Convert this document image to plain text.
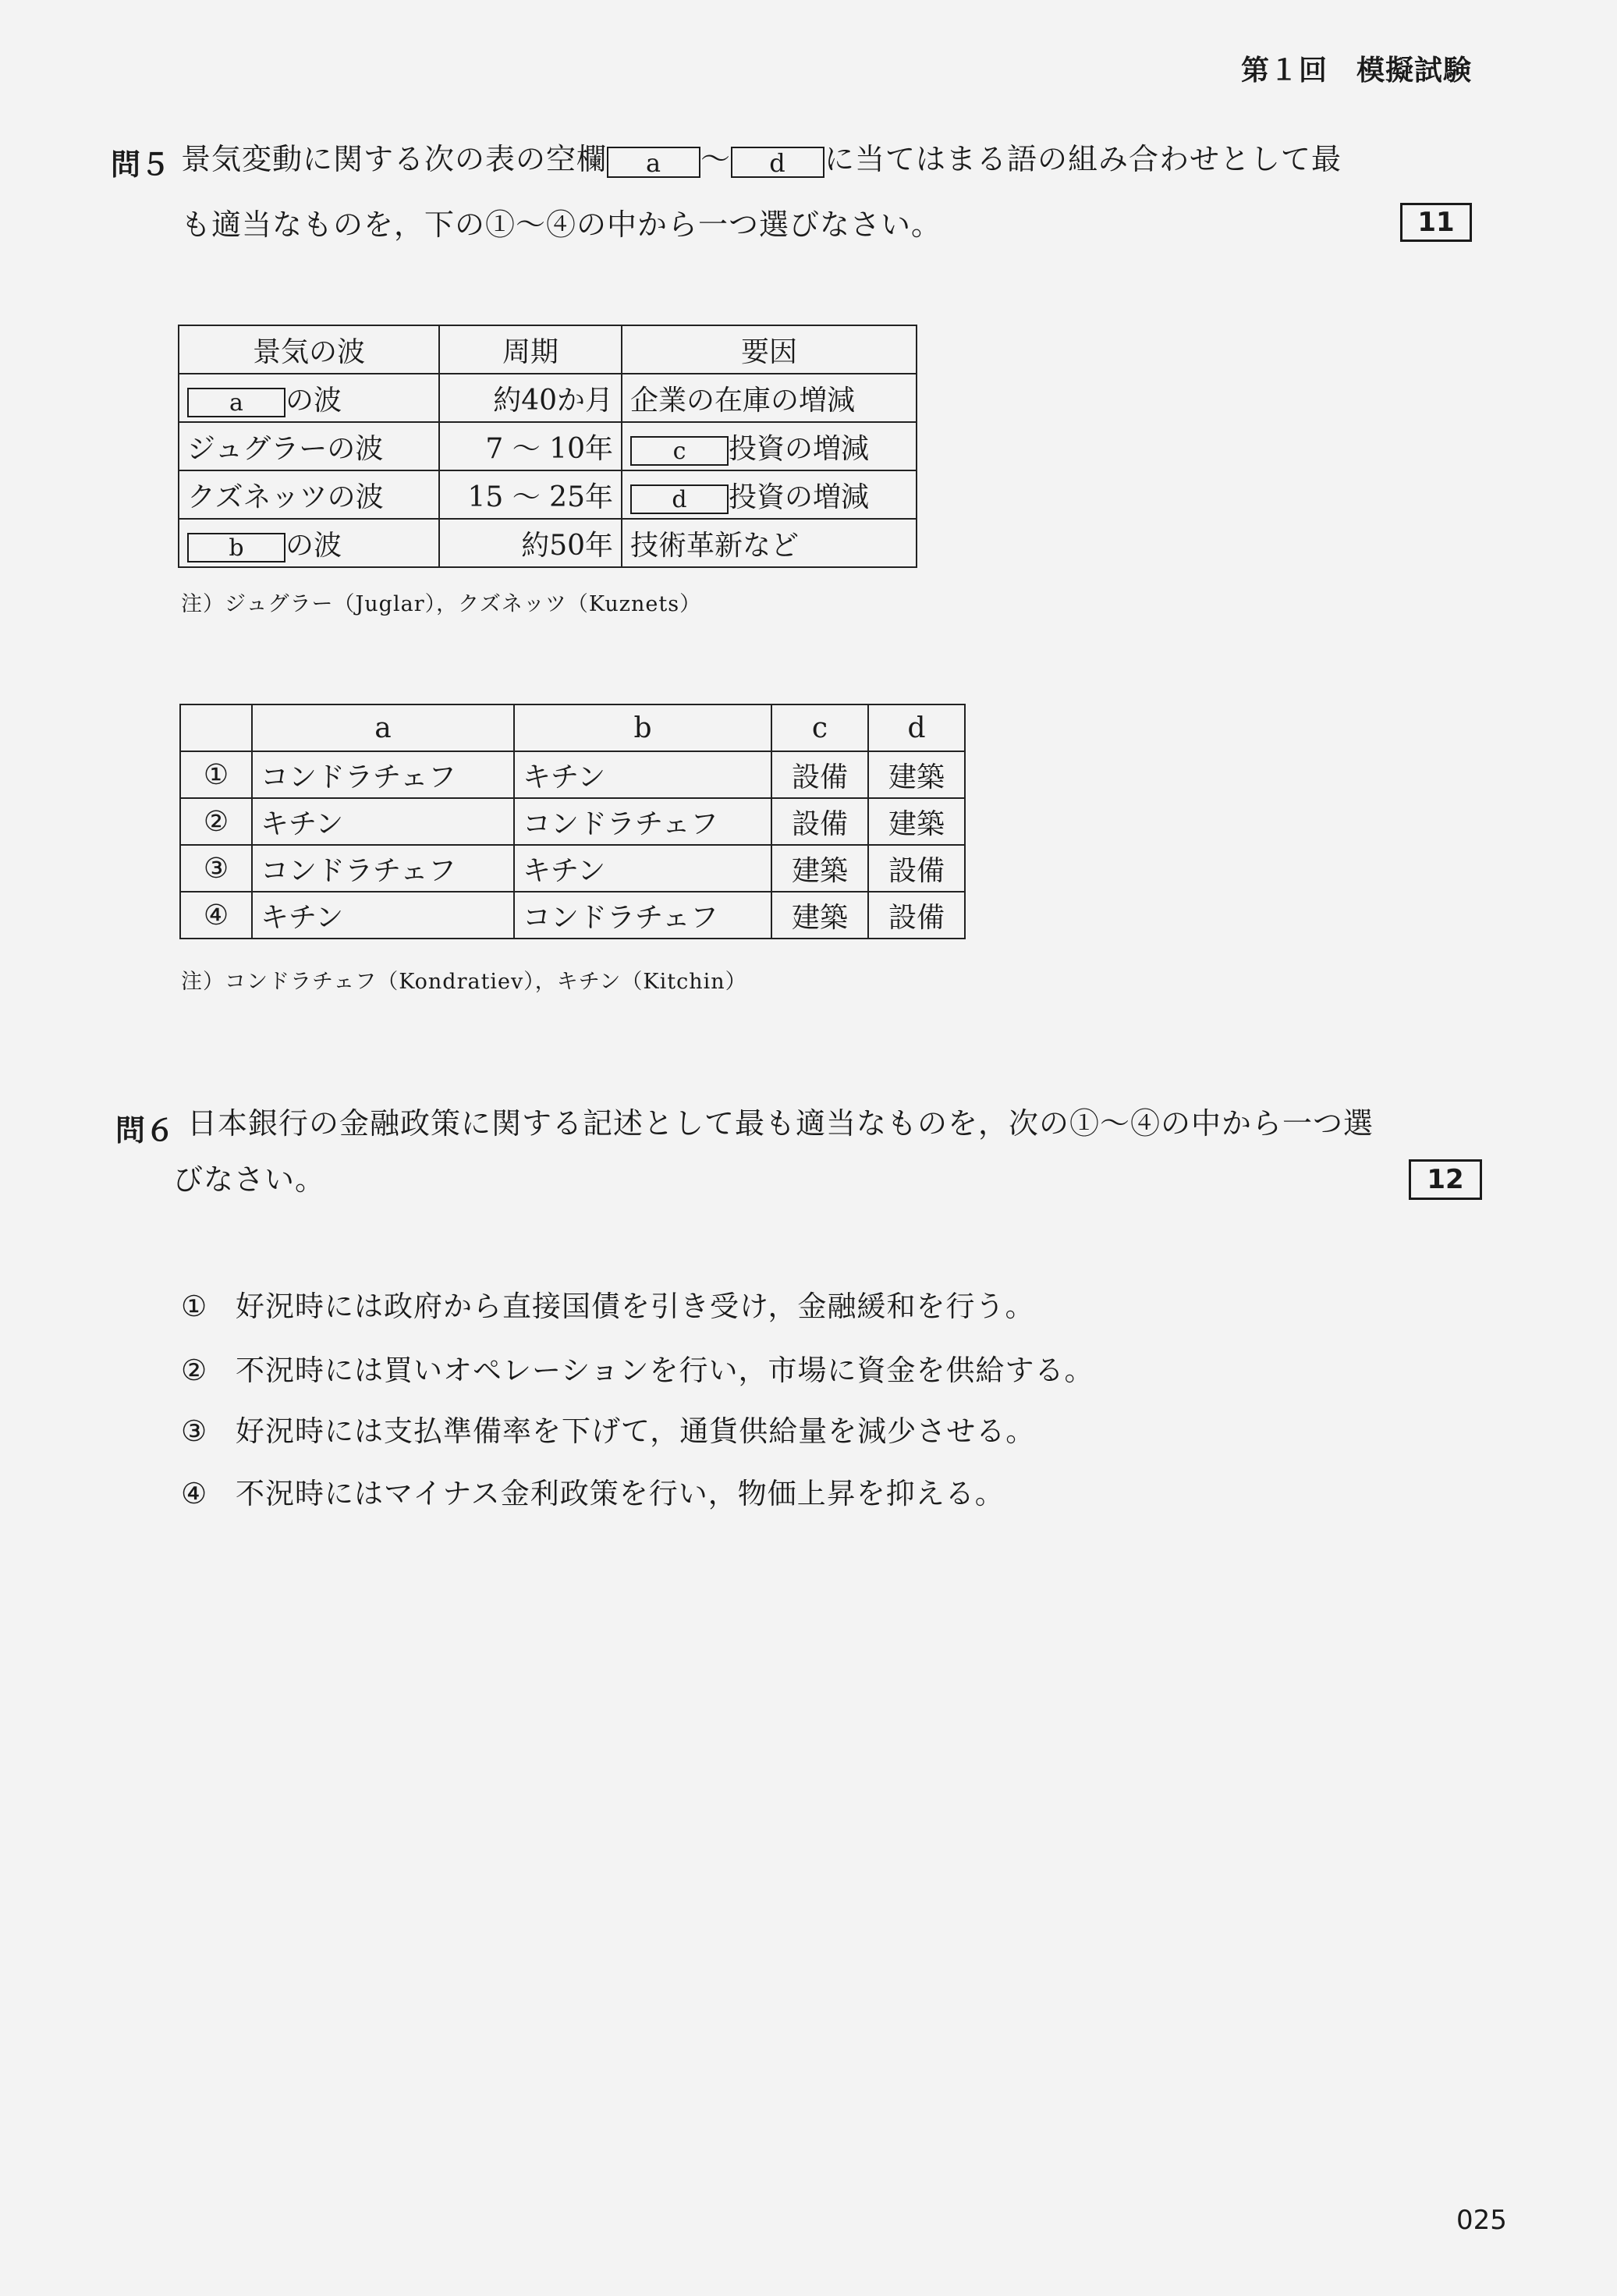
第１回　模擬試験
問５ 景気変動に関する次の表の空欄 a ～ d に当てはまる語の組み合わせとして最
も適当なものを，下の①～④の中から一つ選びなさい。	11
景気の波	周期	要因
a の波	約40か月	企業の在庫の増減
ジュグラーの波	7 ～ 10年	c 投資の増減
クズネッツの波	15 ～ 25年	d 投資の増減
b の波	約50年	技術革新など
注）ジュグラー（Juglar），クズネッツ（Kuznets）
	a	b	c	d
①	コンドラチェフ	キチン	設備	建築
②	キチン	コンドラチェフ	設備	建築
③	コンドラチェフ	キチン	建築	設備
④	キチン	コンドラチェフ	建築	設備
注）コンドラチェフ（Kondratiev），キチン（Kitchin）
問６ 日本銀行の金融政策に関する記述として最も適当なものを，次の①～④の中から一つ選
びなさい。	12
① 好況時には政府から直接国債を引き受け，金融緩和を行う。
② 不況時には買いオペレーションを行い，市場に資金を供給する。
③ 好況時には支払準備率を下げて，通貨供給量を減少させる。
④ 不況時にはマイナス金利政策を行い，物価上昇を抑える。
025
